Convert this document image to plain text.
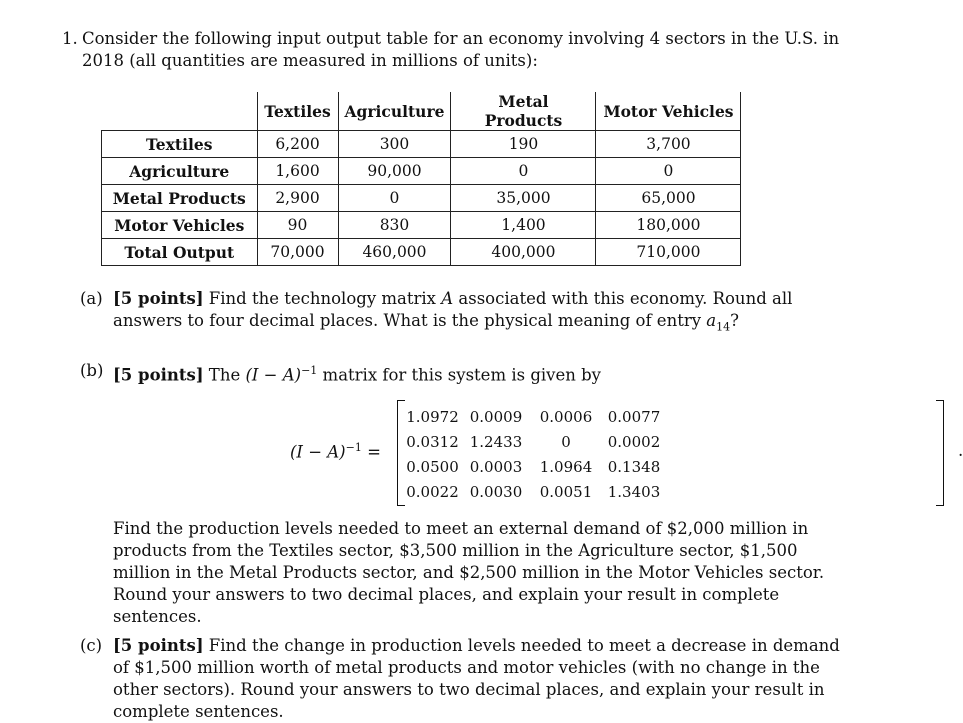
1. Consider the following input output table for an economy involving 4 sectors in the U.S. in 2018 (all quantities are measured in millions of units):
	Textiles	Agriculture	Metal Products	Motor Vehicles
Textiles	6,200	300	190	3,700
Agriculture	1,600	90,000	0	0
Metal Products	2,900	0	35,000	65,000
Motor Vehicles	90	830	1,400	180,000
Total Output	70,000	460,000	400,000	710,000
(a) [5 points] Find the technology matrix A associated with this economy. Round all answers to four decimal places. What is the physical meaning of entry $a_{14}$?
(b) [5 points] The $(I - A)^{-1}$ matrix for this system is given by
$(I - A)^{-1}$ =
1.0972 0.0009 0.0006 0.0077
0.0312 1.2433	0 0.0002
0.0500 0.0003 1.0964 0.1348
0.0022 0.0030 0.0051 1.3403
.
Find the production levels needed to meet an external demand of $2,000 million in products from the Textiles sector, $3,500 million in the Agriculture sector, $1,500 million in the Metal Products sector, and $2,500 million in the Motor Vehicles sector. Round your answers to two decimal places, and explain your result in complete sentences.
(c) [5 points] Find the change in production levels needed to meet a decrease in demand of $1,500 million worth of metal products and motor vehicles (with no change in the other sectors). Round your answers to two decimal places, and explain your result in complete sentences.
